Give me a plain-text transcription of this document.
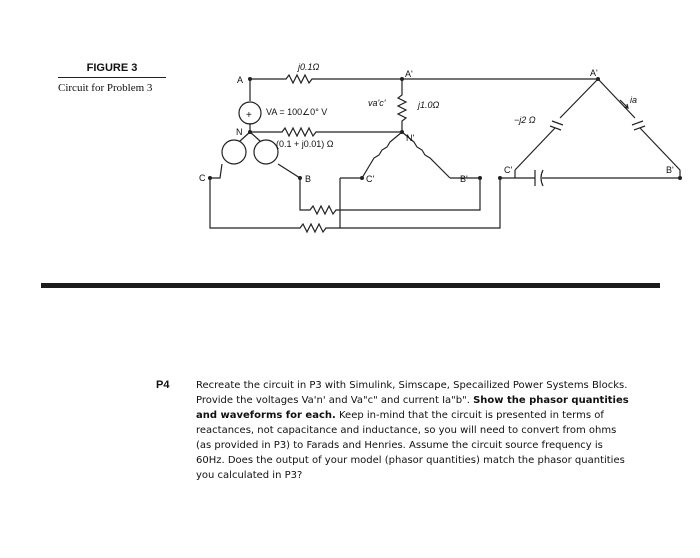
FIGURE 3
Circuit for Problem 3
+
−
j0.1Ω
VA = 100∠0° V
(0.1 + j0.01) Ω
j1.0Ω
va'c'
−j2 Ω
ia
A
A'	A'
N
N'
C	B	C'	B'
C'	B'
P4	Recreate the circuit in P3 with Simulink, Simscape, Specailized Power Systems Blocks.
Provide the voltages Va'n' and Va"c" and current Ia"b". Show the phasor quantities
and waveforms for each. Keep in-mind that the circuit is presented in terms of
reactances, not capacitance and inductance, so you will need to convert from ohms
(as provided in P3) to Farads and Henries. Assume the circuit source frequency is
60Hz. Does the output of your model (phasor quantities) match the phasor quantities
you calculated in P3?
